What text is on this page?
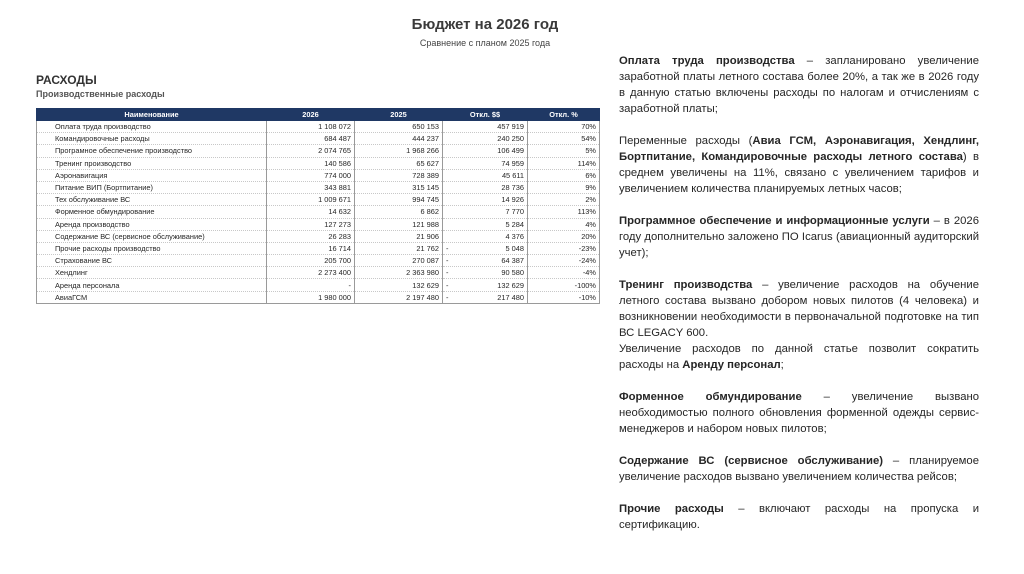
Бюджет на 2026 год
Сравнение с планом 2025 года
РАСХОДЫ
Производственные расходы
Наименование	2026	2025	Откл. $$	Откл. %
Оплата труда производство	1 108 072	650 153	457 919	70%
Командировочные расходы	684 487	444 237	240 250	54%
Програмное обеспечение производство	2 074 765	1 968 266	106 499	5%
Тренинг производство	140 586	65 627	74 959	114%
Аэронавигация	774 000	728 389	45 611	6%
Питание ВИП (Бортпитание)	343 881	315 145	28 736	9%
Тех обслуживание ВС	1 009 671	994 745	14 926	2%
Форменное обмундирование	14 632	6 862	7 770	113%
Аренда производство	127 273	121 988	5 284	4%
Содержание ВС (сервисное обслуживание)	26 283	21 906	4 376	20%
Прочие расходы производство	16 714	21 762	- 5 048	-23%
Страхование ВС	205 700	270 087	- 64 387	-24%
Хендлинг	2 273 400	2 363 980	- 90 580	-4%
Аренда персонала	-	132 629	- 132 629	-100%
АвиаГСМ	1 980 000	2 197 480	- 217 480	-10%

Оплата труда производства – запланировано увеличение заработной платы летного состава более 20%, а так же в 2026 году в данную статью включены расходы по налогам и отчислениям с заработной платы;

Переменные расходы (Авиа ГСМ, Аэронавигация, Хендлинг, Бортпитание, Командировочные расходы летного состава) в среднем увеличены на 11%, связано с увеличением тарифов и увеличением количества планируемых летных часов;

Программное обеспечение и информационные услуги – в 2026 году дополнительно заложено ПО Icarus (авиационный аудиторский учет);

Тренинг производства – увеличение расходов на обучение летного состава вызвано добором новых пилотов (4 человека) и возникновении необходимости в первоначальной подготовке на тип ВС LEGACY 600.

Увеличение расходов по данной статье позволит сократить расходы на Аренду персонал;

Форменное обмундирование – увеличение вызвано необходимостью полного обновления форменной одежды сервис-менеджеров и набором новых пилотов;

Содержание ВС (сервисное обслуживание) – планируемое увеличение расходов вызвано увеличением количества рейсов;

Прочие расходы – включают расходы на пропуска и сертификацию.
